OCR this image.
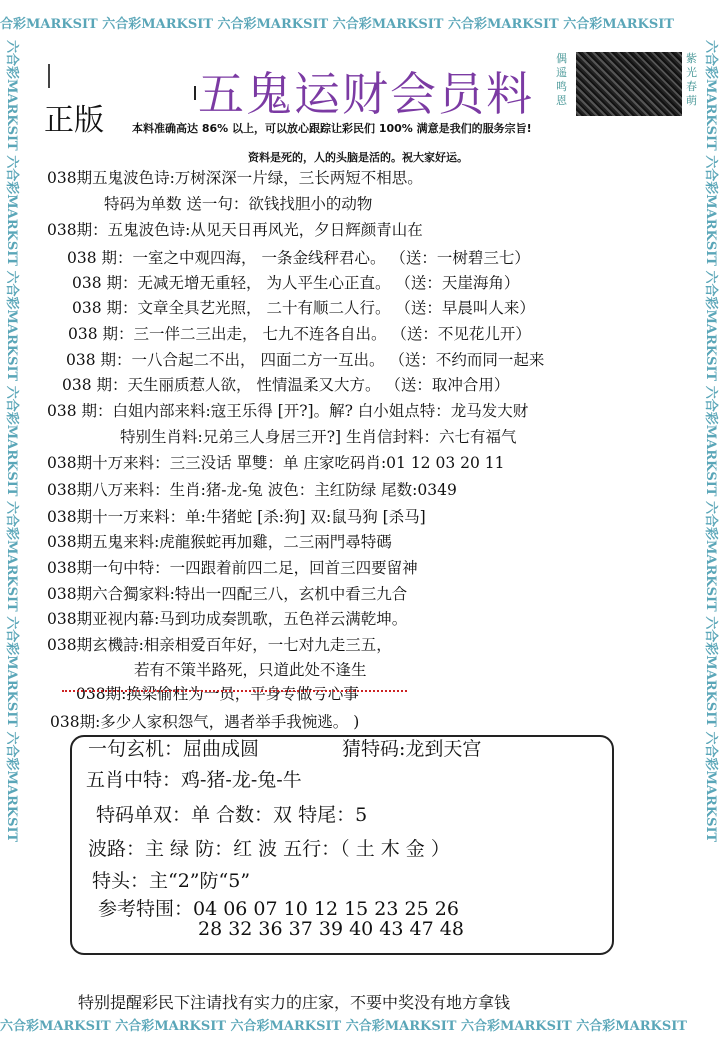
合彩MARKSIT 六合彩MARKSIT 六合彩MARKSIT 六合彩MARKSIT 六合彩MARKSIT 六合彩MARKSIT
六合彩MARKSIT 六合彩MARKSIT 六合彩MARKSIT 六合彩MARKSIT 六合彩MARKSIT 六合彩MARKSIT
六合彩MARKSIT 六合彩MARKSIT 六合彩MARKSIT 六合彩MARKSIT 六合彩MARKSIT 六合彩MARKSIT 六合彩MARKSIT	六合彩MARKSIT 六合彩MARKSIT 六合彩MARKSIT 六合彩MARKSIT 六合彩MARKSIT 六合彩MARKSIT 六合彩MARKSIT
五鬼运财会员料
正版
偶 遥 鸣 恩
紫 光 春 萌
本料准确高达 86% 以上，可以放心跟踪让彩民们 100% 满意是我们的服务宗旨!
资料是死的，人的头脑是活的。祝大家好运。
038期五鬼波色诗:万树深深一片绿，三长两短不相思。
特码为单数 送一句：欲钱找胆小的动物
038期：五鬼波色诗:从见天日再风光，夕日辉颜青山在
038 期：一室之中观四海， 一条金线秤君心。 （送：一树碧三七）
038 期：无减无增无重轻， 为人平生心正直。 （送：天崖海角）
038 期：文章全具艺光照， 二十有顺二人行。 （送：早晨叫人来）
038 期：三一伴二三出走， 七九不连各自出。 （送：不见花儿开）
038 期：一八合起二不出， 四面二方一互出。 （送：不约而同一起来
038 期：天生丽质惹人欲， 性情温柔又大方。 （送：取冲合用）
038 期：白姐内部来料:寇王乐得 [开?]。解? 白小姐点特：龙马发大财
特别生肖料:兄弟三人身居三开?] 生肖信封料：六七有福气
038期十万来料：三三没话 單雙：单 庄家吃码肖:01 12 03 20 11
038期八万来料：生肖:猪-龙-兔 波色：主红防绿 尾数:0349
038期十一万来料：单:牛猪蛇 [杀:狗] 双:鼠马狗 [杀马]
038期五鬼来料:虎龍猴蛇再加雞，二三兩門尋特碼
038期一句中特：一四跟着前四二足，回首三四要留神
038期六合獨家料:特出一四配三八，玄机中看三九合
038期亚视内幕:马到功成奏凯歌，五色祥云满乾坤。
038期玄機詩:相亲相爱百年好，一七对九走三五，
若有不策半路死，只道此处不逢生
038期:换梁偷柱为一员，平身专做亏心事
038期:多少人家积怨气，遇者举手我惋逃。 )
一句玄机：屈曲成圆	猜特码:龙到天宫
五肖中特：鸡-猪-龙-兔-牛
特码单双：单 合数：双 特尾：5
波路：主 绿 防：红 波 五行：（ 土 木 金 ）
特头：主“2”防“5”
参考特围：04 06 07 10 12 15 23 25 26
28 32 36 37 39 40 43 47 48
特别提醒彩民下注请找有实力的庄家，不要中奖没有地方拿钱
